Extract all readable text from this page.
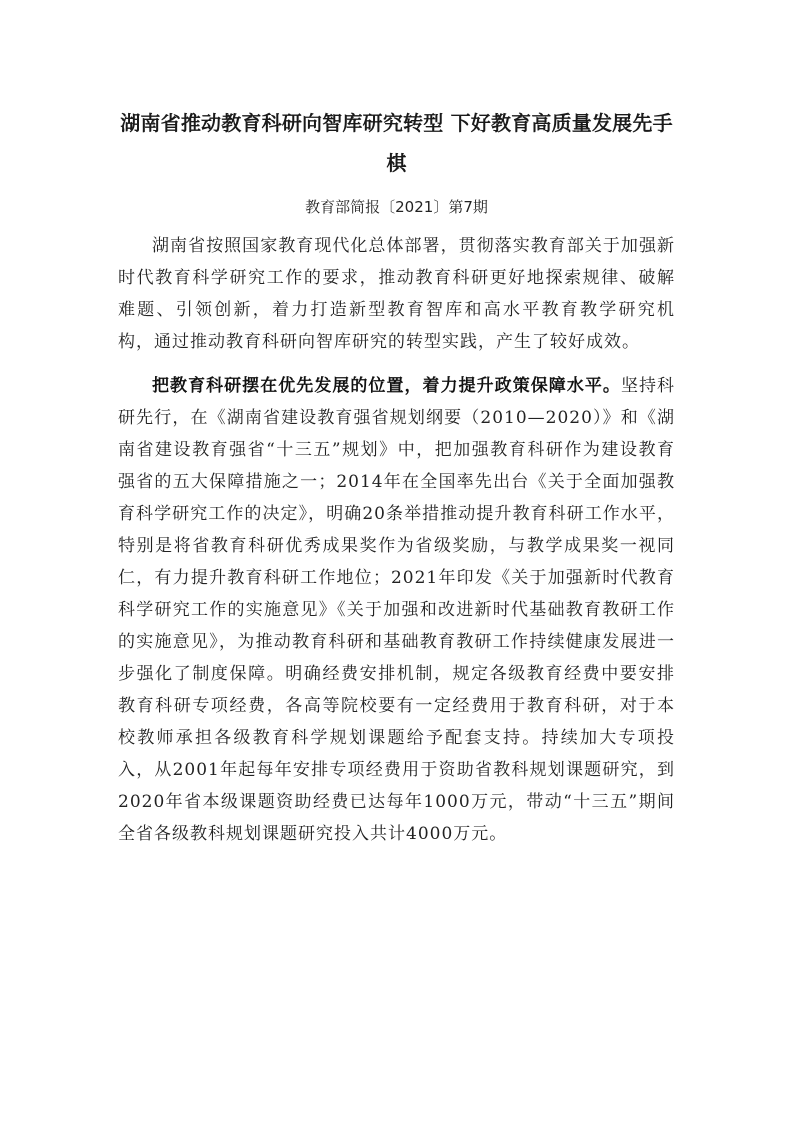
湖南省推动教育科研向智库研究转型 下好教育高质量发展先手棋
教育部简报〔2021〕第7期

湖南省按照国家教育现代化总体部署，贯彻落实教育部关于加强新时代教育科学研究工作的要求，推动教育科研更好地探索规律、破解难题、引领创新，着力打造新型教育智库和高水平教育教学研究机构，通过推动教育科研向智库研究的转型实践，产生了较好成效。

把教育科研摆在优先发展的位置，着力提升政策保障水平。坚持科研先行，在《湖南省建设教育强省规划纲要（2010—2020）》和《湖南省建设教育强省“十三五”规划》中，把加强教育科研作为建设教育强省的五大保障措施之一；2014年在全国率先出台《关于全面加强教育科学研究工作的决定》，明确20条举措推动提升教育科研工作水平，特别是将省教育科研优秀成果奖作为省级奖励，与教学成果奖一视同仁，有力提升教育科研工作地位；2021年印发《关于加强新时代教育科学研究工作的实施意见》《关于加强和改进新时代基础教育教研工作的实施意见》，为推动教育科研和基础教育教研工作持续健康发展进一步强化了制度保障。明确经费安排机制，规定各级教育经费中要安排教育科研专项经费，各高等院校要有一定经费用于教育科研，对于本校教师承担各级教育科学规划课题给予配套支持。持续加大专项投入，从2001年起每年安排专项经费用于资助省教科规划课题研究，到2020年省本级课题资助经费已达每年1000万元，带动“十三五”期间全省各级教科规划课题研究投入共计4000万元。
